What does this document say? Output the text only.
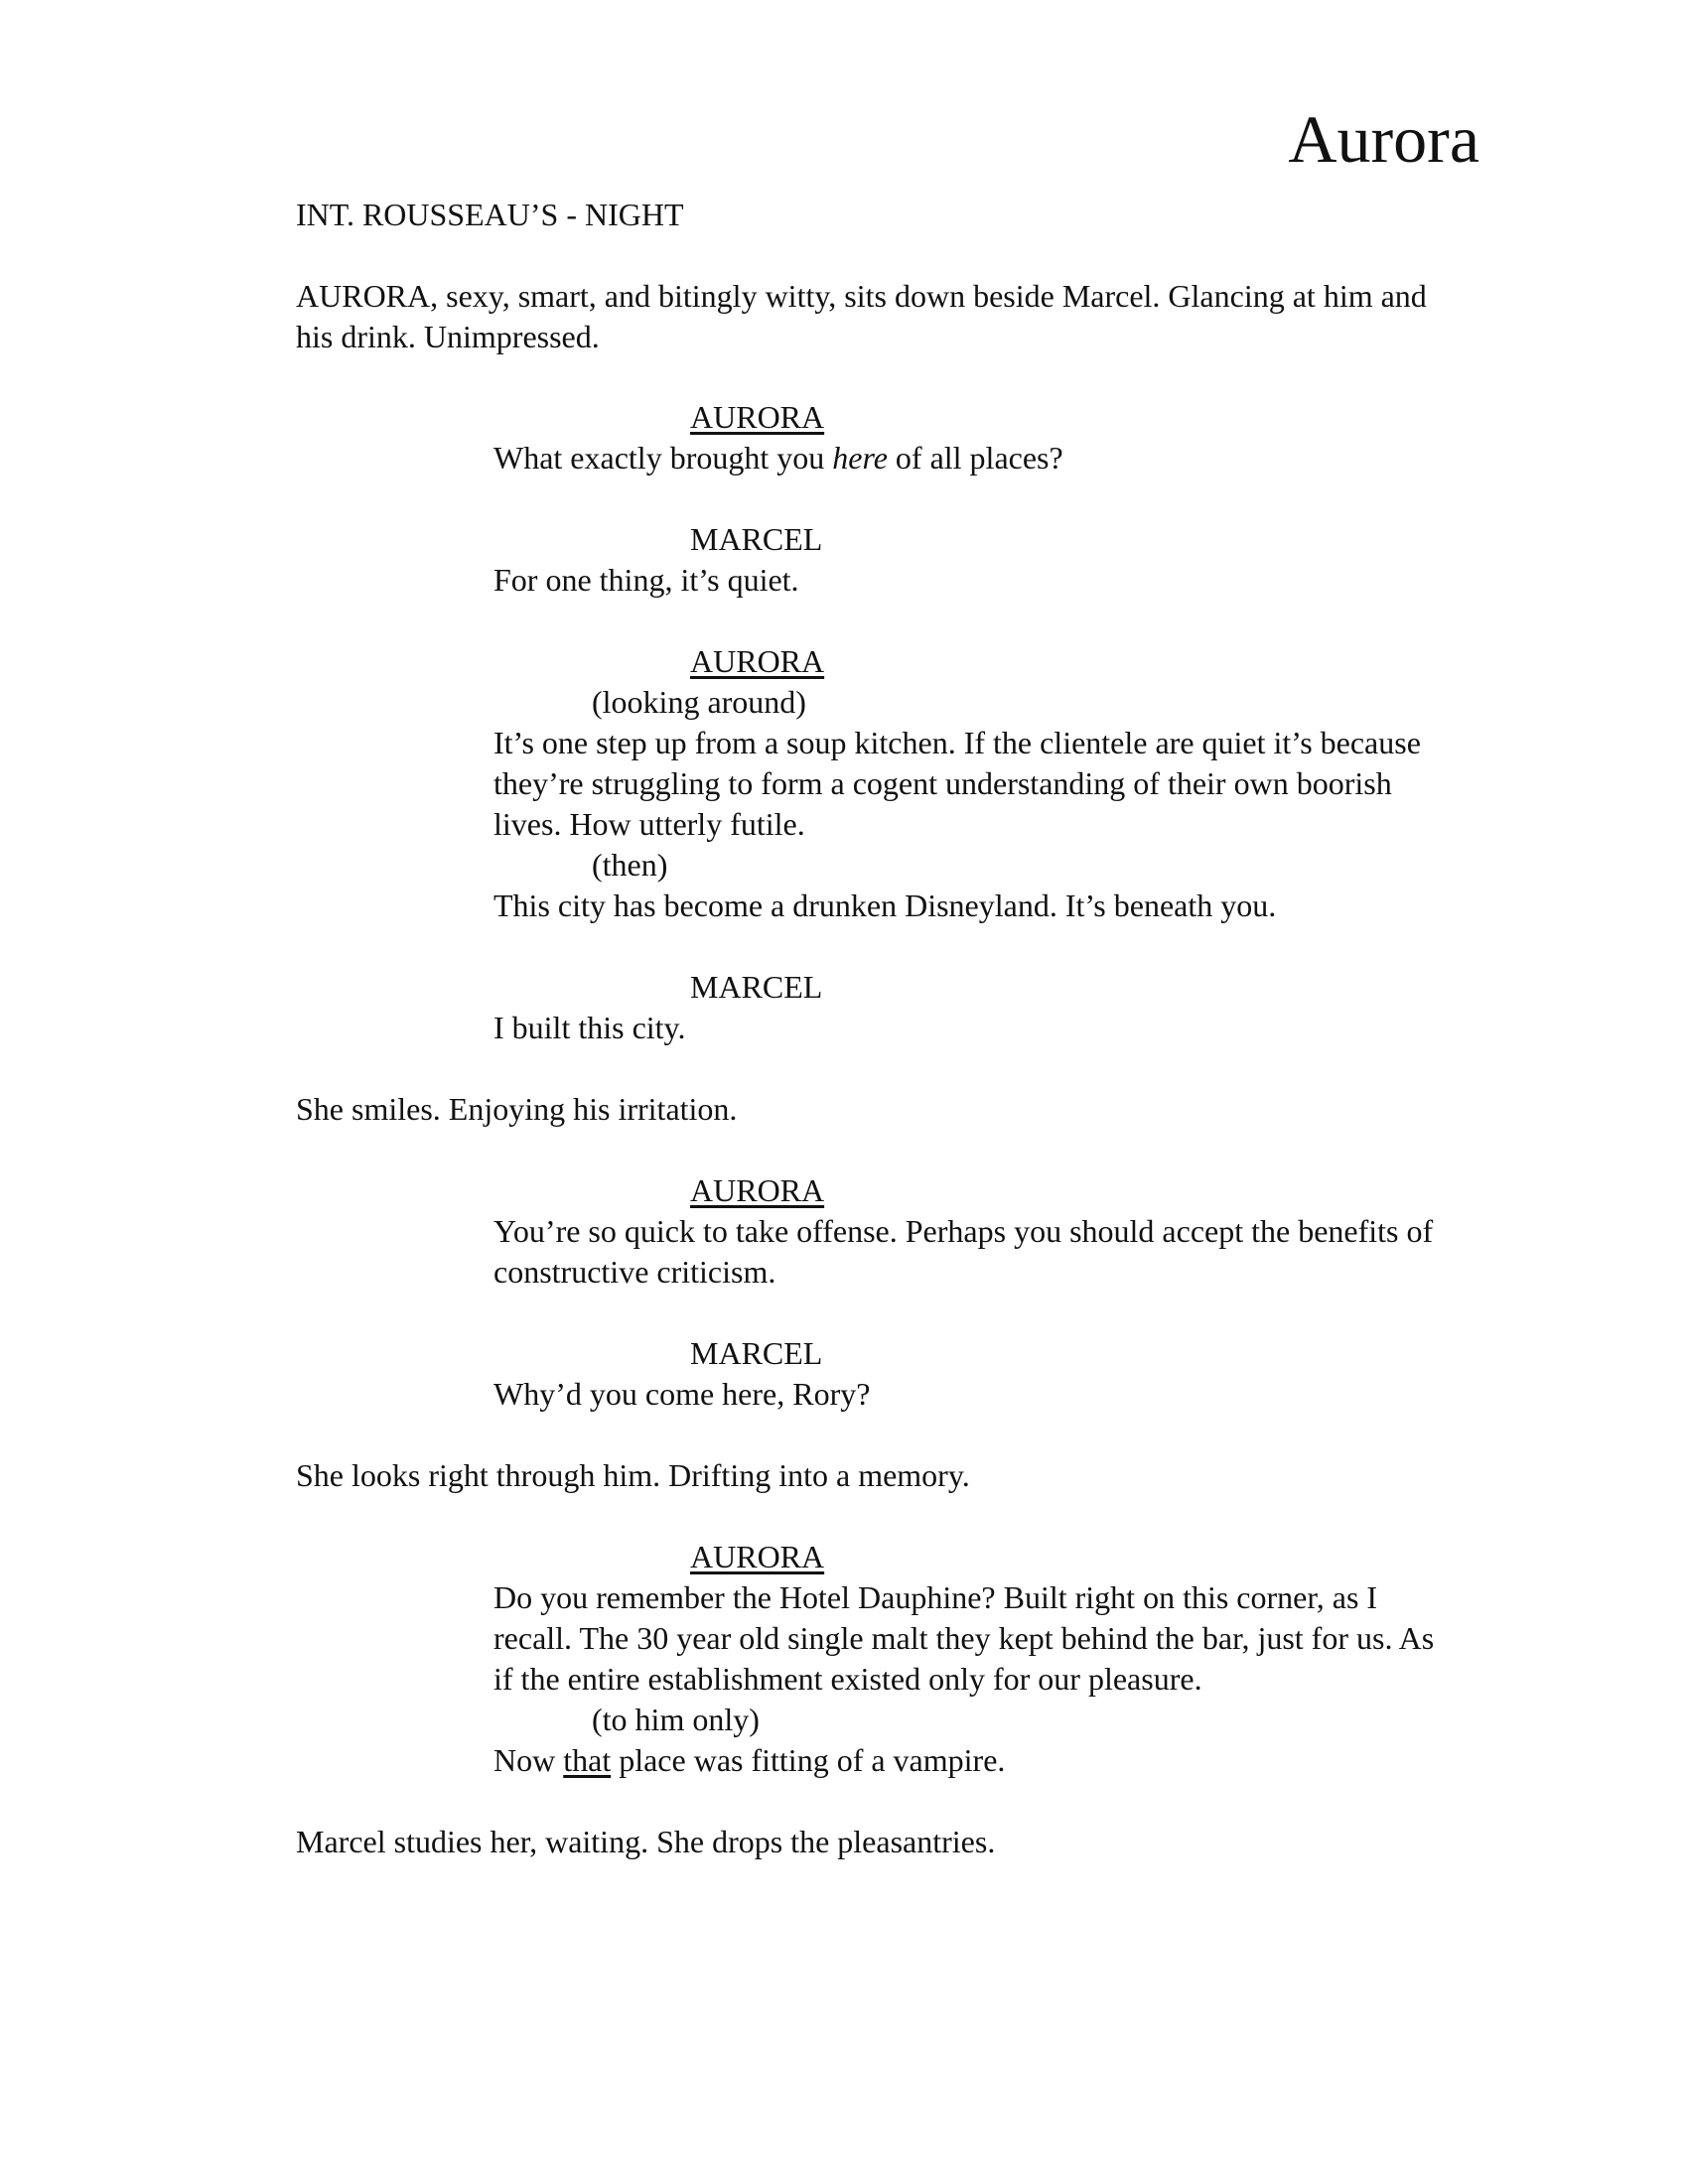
Aurora
INT. ROUSSEAU’S - NIGHT
AURORA, sexy, smart, and bitingly witty, sits down beside Marcel. Glancing at him and
his drink. Unimpressed.
AURORA
What exactly brought you here of all places?
MARCEL
For one thing, it’s quiet.
AURORA
(looking around)
It’s one step up from a soup kitchen. If the clientele are quiet it’s because
they’re struggling to form a cogent understanding of their own boorish
lives. How utterly futile.
(then)
This city has become a drunken Disneyland. It’s beneath you.
MARCEL
I built this city.
She smiles. Enjoying his irritation.
AURORA
You’re so quick to take offense. Perhaps you should accept the benefits of
constructive criticism.
MARCEL
Why’d you come here, Rory?
She looks right through him. Drifting into a memory.
AURORA
Do you remember the Hotel Dauphine? Built right on this corner, as I
recall. The 30 year old single malt they kept behind the bar, just for us. As
if the entire establishment existed only for our pleasure.
(to him only)
Now that place was fitting of a vampire.
Marcel studies her, waiting. She drops the pleasantries.
